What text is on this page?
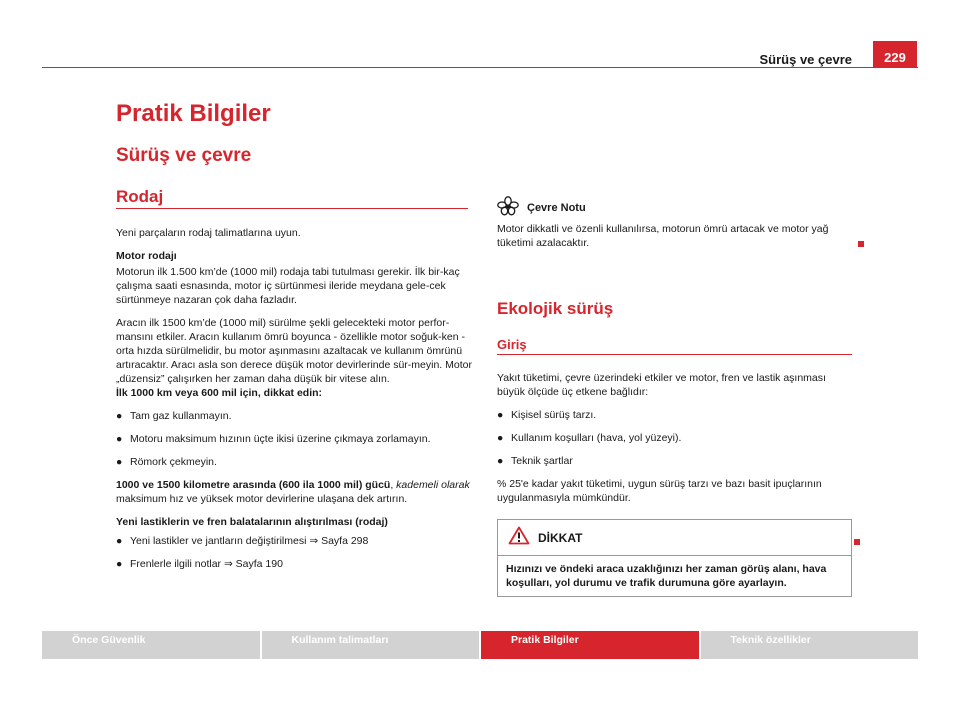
Sürüş ve çevre	229
Pratik Bilgiler
Sürüş ve çevre
Rodaj

Yeni parçaların rodaj talimatlarına uyun.

Motor rodajı

Motorun ilk 1.500 km’de (1000 mil) rodaja tabi tutulması gerekir. İlk bir-kaç çalışma saati esnasında, motor iç sürtünmesi ileride meydana gele-cek sürtünmeye nazaran çok daha fazladır.

Aracın ilk 1500 km’de (1000 mil) sürülme şekli gelecekteki motor perfor-mansını etkiler. Aracın kullanım ömrü boyunca - özellikle motor soğuk-ken - orta hızda sürülmelidir, bu motor aşınmasını azaltacak ve kullanım ömrünü artıracaktır. Aracı asla son derece düşük motor devirlerinde sür-meyin. Motor „düzensiz” çalışırken her zaman daha düşük bir vitese alın.

İlk 1000 km veya 600 mil için, dikkat edin:

● Tam gaz kullanmayın.
● Motoru maksimum hızının üçte ikisi üzerine çıkmaya zorlamayın.
● Römork çekmeyin.

1000 ve 1500 kilometre arasında (600 ila 1000 mil) gücü, kademeli olarak maksimum hız ve yüksek motor devirlerine ulaşana dek artırın.

Yeni lastiklerin ve fren balatalarının alıştırılması (rodaj)

● Yeni lastikler ve jantların değiştirilmesi ⇒ Sayfa 298
● Frenlerle ilgili notlar ⇒ Sayfa 190
Çevre Notu

Motor dikkatli ve özenli kullanılırsa, motorun ömrü artacak ve motor yağ tüketimi azalacaktır.

Ekolojik sürüş
Giriş

Yakıt tüketimi, çevre üzerindeki etkiler ve motor, fren ve lastik aşınması büyük ölçüde üç etkene bağlıdır:

● Kişisel sürüş tarzı.
● Kullanım koşulları (hava, yol yüzeyi).
● Teknik şartlar

% 25'e kadar yakıt tüketimi, uygun sürüş tarzı ve bazı basit ipuçlarının uygulanmasıyla mümkündür.

DİKKAT
Hızınızı ve öndeki araca uzaklığınızı her zaman görüş alanı, hava koşulları, yol durumu ve trafik durumuna göre ayarlayın.
Önce Güvenlik	Kullanım talimatları	Pratik Bilgiler	Teknik özellikler
